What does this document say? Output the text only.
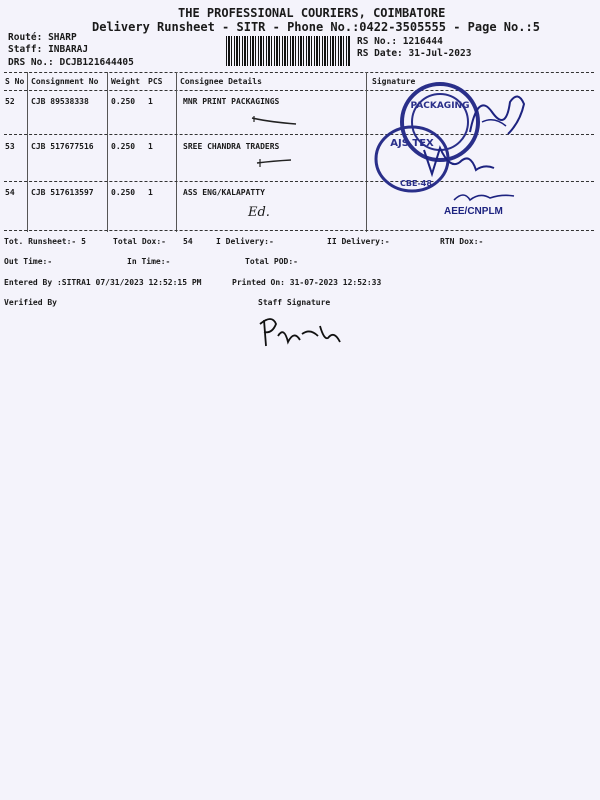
THE PROFESSIONAL COURIERS, COIMBATORE
Delivery Runsheet - SITR - Phone No.:0422-3505555 - Page No.:5
Routé: SHARP
Staff: INBARAJ
DRS No.: DCJB121644405
RS No.: 1216444
RS Date: 31-Jul-2023
S No Consignment No Weight PCS Consignee Details	Signature
52 CJB 89538338	0.250 1	MNR PRINT PACKAGINGS
53 CJB 517677516 0.250 1	SREE CHANDRA TRADERS
54 CJB 517613597 0.250 1	ASS ENG/KALAPATTY
Ed.
PACKAGING
AJS TEX
CBE-48
AEE/CNPLM
Tot. Runsheet:- 5	Total Dox:- 54	I Delivery:-	II Delivery:-	RTN Dox:-
Out Time:-	In Time:-	Total POD:-
Entered By :SITRA1 07/31/2023 12:52:15 PM	Printed On: 31-07-2023 12:52:33
Verified By	Staff Signature
